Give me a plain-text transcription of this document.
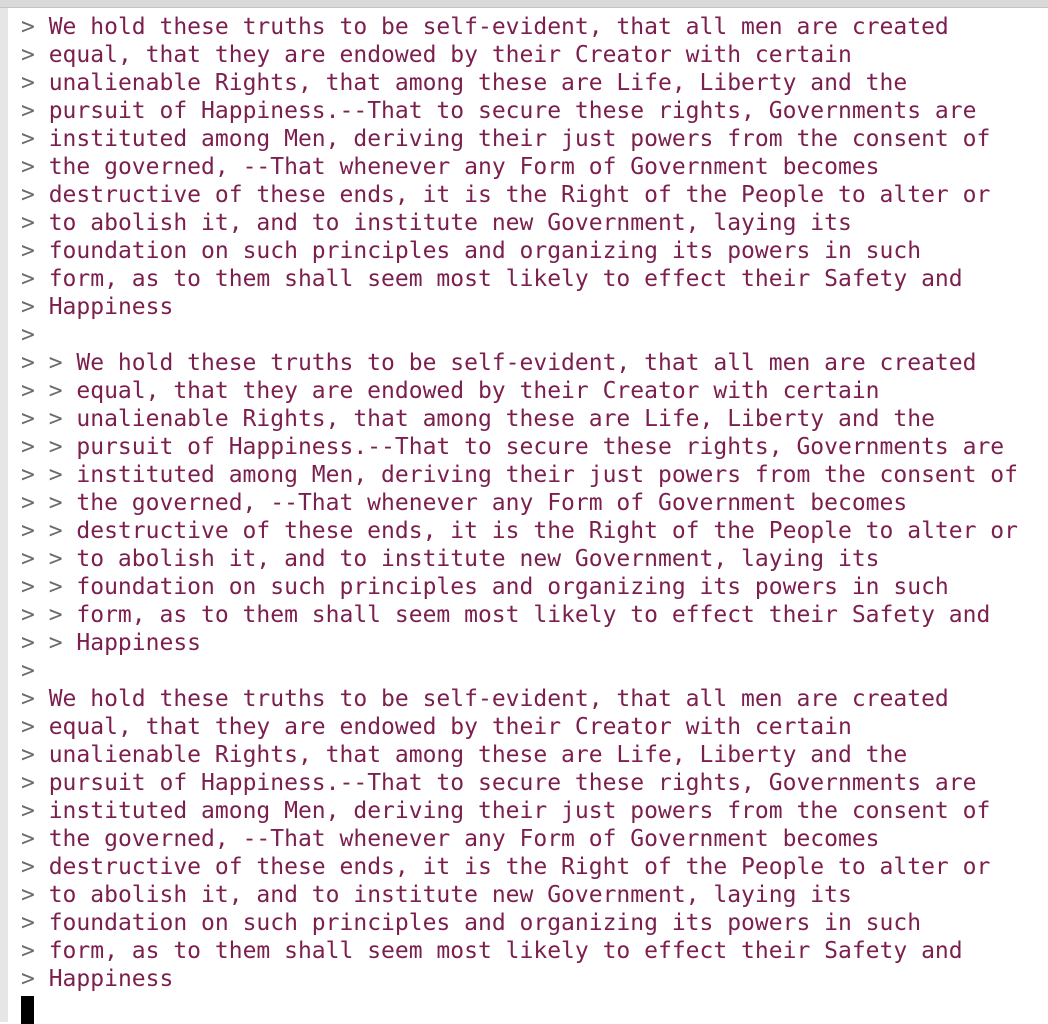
> We hold these truths to be self-evident, that all men are created
> equal, that they are endowed by their Creator with certain
> unalienable Rights, that among these are Life, Liberty and the
> pursuit of Happiness.--That to secure these rights, Governments are
> instituted among Men, deriving their just powers from the consent of
> the governed, --That whenever any Form of Government becomes
> destructive of these ends, it is the Right of the People to alter or
> to abolish it, and to institute new Government, laying its
> foundation on such principles and organizing its powers in such
> form, as to them shall seem most likely to effect their Safety and
> Happiness
>
> > We hold these truths to be self-evident, that all men are created
> > equal, that they are endowed by their Creator with certain
> > unalienable Rights, that among these are Life, Liberty and the
> > pursuit of Happiness.--That to secure these rights, Governments are
> > instituted among Men, deriving their just powers from the consent of
> > the governed, --That whenever any Form of Government becomes
> > destructive of these ends, it is the Right of the People to alter or
> > to abolish it, and to institute new Government, laying its
> > foundation on such principles and organizing its powers in such
> > form, as to them shall seem most likely to effect their Safety and
> > Happiness
>
> We hold these truths to be self-evident, that all men are created
> equal, that they are endowed by their Creator with certain
> unalienable Rights, that among these are Life, Liberty and the
> pursuit of Happiness.--That to secure these rights, Governments are
> instituted among Men, deriving their just powers from the consent of
> the governed, --That whenever any Form of Government becomes
> destructive of these ends, it is the Right of the People to alter or
> to abolish it, and to institute new Government, laying its
> foundation on such principles and organizing its powers in such
> form, as to them shall seem most likely to effect their Safety and
> Happiness
